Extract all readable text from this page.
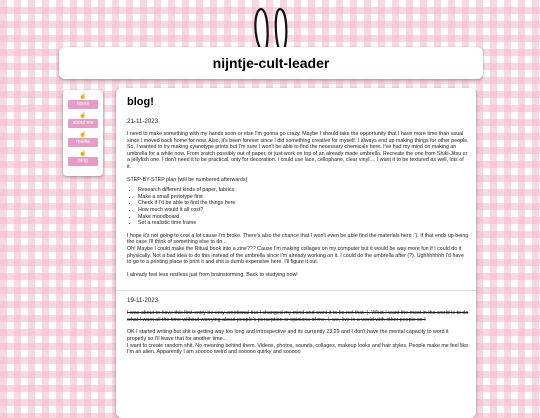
nijntje-cult-leader
☝
home
☝
about me
☝
media
☝
blog
blog!
21-11-2023

I need to make something with my hands soon or else I'm gonna go crazy. Maybe I should take the opportunity that I have more time than usual since I moved back home for now. Also, it's been forever since I did something creative for myself. I always end up making things for other people.

So, I wanted to try making cyanotype prints but I'm sure I won't be able to find the necessary chemicals here. I've had my mind on making an umbrella for a while now. From sratch possibly out of paper, or just work on top of an already made umbrella. Recreate the one from Shiki-Jitsu or a jellyfish one. I don't need it to be practical, only for decoration. I could use lace, cellophane, clear vinyl.... I want it to be textured as well, lots of it.

STEP-BY-STEP plan (will be numbered afterwards)

• Research different kinds of paper, fabrics
• Make a small prototype first
• Check if I'd be able to find the things here
• How much would it all cost?
• Make moodboard
• Set a realistic time frame

I hope it's not going to cost a lot cause I'm broke. There's also the chance that I won't even be able find the materials here :'). If that ends up being the case I'll think of something else to do...

Oh! Maybe I could make the Ritual book into a zine??? Cause I'm making collages on my computer but it would be way more fun if I could do it physically. Not a bad idea to do this instead of the umbrella since I'm already working on it. I could do the umbrella after (?). Ughhhhhhh I'd have to go to a printing place to print it and shit is dumb expensive here. I'll figure it out.

I already feel less restless just from brainstorming. Back to studying now!

19-11-2023

I was about to have this first entry be very emotional but I changed my mind and want it to be not that :). What I want the most in the world is to do what I want all the time without worrying about people's perception or opinions of me. I, we, live in a world with other people so I

OK I started writing but shit is getting way too long and introspective and its currently 23.29 and I don't have the mental capacity to word it properly so I'll leave that for another time...

I want to create random shit. No meaning behind them. Videos, photos, sounds, collages, makeup looks and hair styles. People make me feel like I'm an alien. Apparently I am sooooo weird and sooooo quirky and sooooo
